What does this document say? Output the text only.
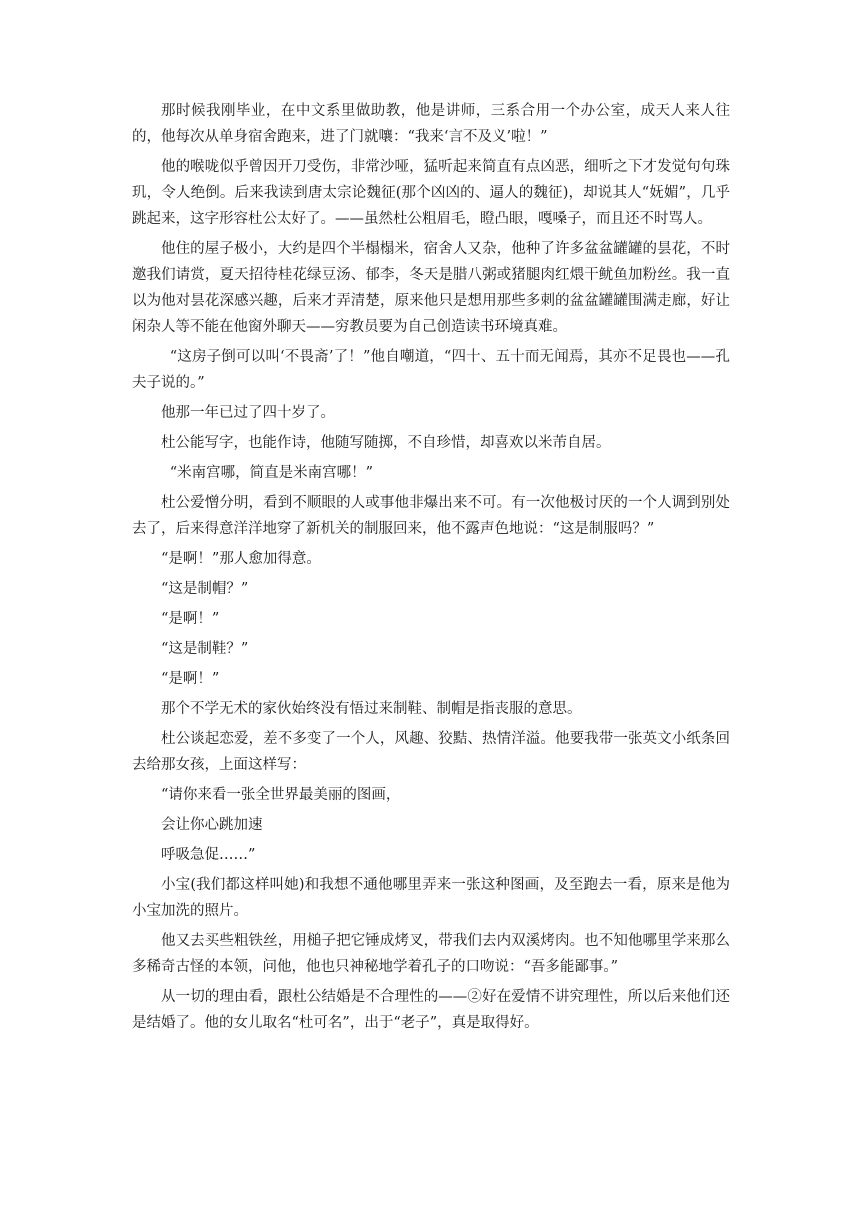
那时候我刚毕业，在中文系里做助教，他是讲师，三系合用一个办公室，成天人来人往的，他每次从单身宿舍跑来，进了门就嚷：“我来‘言不及义’啦！”

他的喉咙似乎曾因开刀受伤，非常沙哑，猛听起来简直有点凶恶，细听之下才发觉句句珠玑，令人绝倒。后来我读到唐太宗论魏征(那个凶凶的、逼人的魏征)，却说其人“妩媚”，几乎跳起来，这字形容杜公太好了。——虽然杜公粗眉毛，瞪凸眼，嘎嗓子，而且还不时骂人。

他住的屋子极小，大约是四个半榻榻米，宿舍人又杂，他种了许多盆盆罐罐的昙花，不时邀我们请赏，夏天招待桂花绿豆汤、郁李，冬天是腊八粥或猪腿肉红煨干鱿鱼加粉丝。我一直以为他对昙花深感兴趣，后来才弄清楚，原来他只是想用那些多刺的盆盆罐罐围满走廊，好让闲杂人等不能在他窗外聊天——穷教员要为自己创造读书环境真难。

“这房子倒可以叫‘不畏斋’了！”他自嘲道，“四十、五十而无闻焉，其亦不足畏也——孔夫子说的。”

他那一年已过了四十岁了。

杜公能写字，也能作诗，他随写随掷，不自珍惜，却喜欢以米芾自居。

“米南宫哪，简直是米南宫哪！”

杜公爱憎分明，看到不顺眼的人或事他非爆出来不可。有一次他极讨厌的一个人调到别处去了，后来得意洋洋地穿了新机关的制服回来，他不露声色地说：“这是制服吗？”

“是啊！”那人愈加得意。

“这是制帽？”

“是啊！”

“这是制鞋？”

“是啊！”

那个不学无术的家伙始终没有悟过来制鞋、制帽是指丧服的意思。

杜公谈起恋爱，差不多变了一个人，风趣、狡黠、热情洋溢。他要我带一张英文小纸条回去给那女孩，上面这样写：

“请你来看一张全世界最美丽的图画，

会让你心跳加速

呼吸急促……”

小宝(我们都这样叫她)和我想不通他哪里弄来一张这种图画，及至跑去一看，原来是他为小宝加洗的照片。

他又去买些粗铁丝，用槌子把它锤成烤叉，带我们去内双溪烤肉。也不知他哪里学来那么多稀奇古怪的本领，问他，他也只神秘地学着孔子的口吻说：“吾多能鄙事。”

从一切的理由看，跟杜公结婚是不合理性的——②好在爱情不讲究理性，所以后来他们还是结婚了。他的女儿取名“杜可名”，出于“老子”，真是取得好。
